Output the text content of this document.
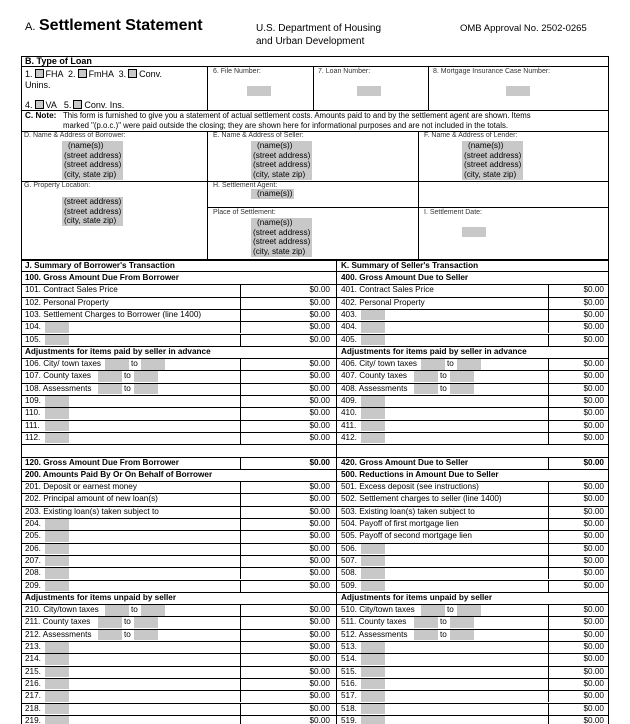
A. Settlement Statement	U.S. Department of Housing
and Urban Development
OMB Approval No. 2502-0265
B. Type of Loan
1. FHA 2. FmHA 3. Conv.
Unins.
4. VA 5. Conv. Ins.
6. File Number:	7. Loan Number:	8. Mortgage Insurance Case Number:
C. Note: This form is furnished to give you a statement of actual settlement costs. Amounts paid to and by the settlement agent are shown. Items
marked "(p.o.c.)" were paid outside the closing; they are shown here for informational purposes and are not included in the totals.
D. Name & Address of Borrower:	E. Name & Address of Seller:	F. Name & Address of Lender:
(name(s))
(street address)
(street address)
(city, state zip)
(name(s))
(street address)
(street address)
(city, state zip)
(name(s))
(street address)
(street address)
(city, state zip)
G. Property Location:
(street address)
(street address)
(city, state zip)
H. Settlement Agent:
(name(s))
Place of Settlement:
(name(s))
(street address)
(street address)
(city, state zip)
I. Settlement Date:
J. Summary of Borrower's Transaction	K. Summary of Seller's Transaction
100. Gross Amount Due From Borrower
101. Contract Sales Price	$0.00
102. Personal Property	$0.00
103. Settlement Charges to Borrower (line 1400)	$0.00
104.	$0.00
105.	$0.00
Adjustments for items paid by seller in advance
106. City/ town taxes	to	$0.00
107. County taxes	to	$0.00
108. Assessments	to	$0.00
109.	$0.00
110.	$0.00
111.	$0.00
112.	$0.00
120. Gross Amount Due From Borrower	$0.00
200. Amounts Paid By Or On Behalf of Borrower
201. Deposit or earnest money	$0.00
202. Principal amount of new loan(s)	$0.00
203. Existing loan(s) taken subject to	$0.00
204.	$0.00
205.	$0.00
206.	$0.00
207.	$0.00
208.	$0.00
209.	$0.00
Adjustments for items unpaid by seller
210. City/town taxes	to	$0.00
211. County taxes	to	$0.00
212. Assessments	to	$0.00
213.	$0.00
214.	$0.00
215.	$0.00
216.	$0.00
217.	$0.00
218.	$0.00
219.	$0.00
400. Gross Amount Due to Seller
401. Contract Sales Price	$0.00
402. Personal Property	$0.00
403.	$0.00
404.	$0.00
405.	$0.00
Adjustments for items paid by seller in advance
406. City/ town taxes	to	$0.00
407. County taxes	to	$0.00
408. Assessments	to	$0.00
409.	$0.00
410.	$0.00
411.	$0.00
412.	$0.00
420. Gross Amount Due to Seller	$0.00
500. Reductions in Amount Due to Seller
501. Excess deposit (see instructions)	$0.00
502. Settlement charges to seller (line 1400)	$0.00
503. Existing loan(s) taken subject to	$0.00
504. Payoff of first mortgage lien	$0.00
505. Payoff of second mortgage lien	$0.00
506.	$0.00
507.	$0.00
508.	$0.00
509.	$0.00
Adjustments for items unpaid by seller
510. City/town taxes	to	$0.00
511. County taxes	to	$0.00
512. Assessments	to	$0.00
513.	$0.00
514.	$0.00
515.	$0.00
516.	$0.00
517.	$0.00
518.	$0.00
519.	$0.00
